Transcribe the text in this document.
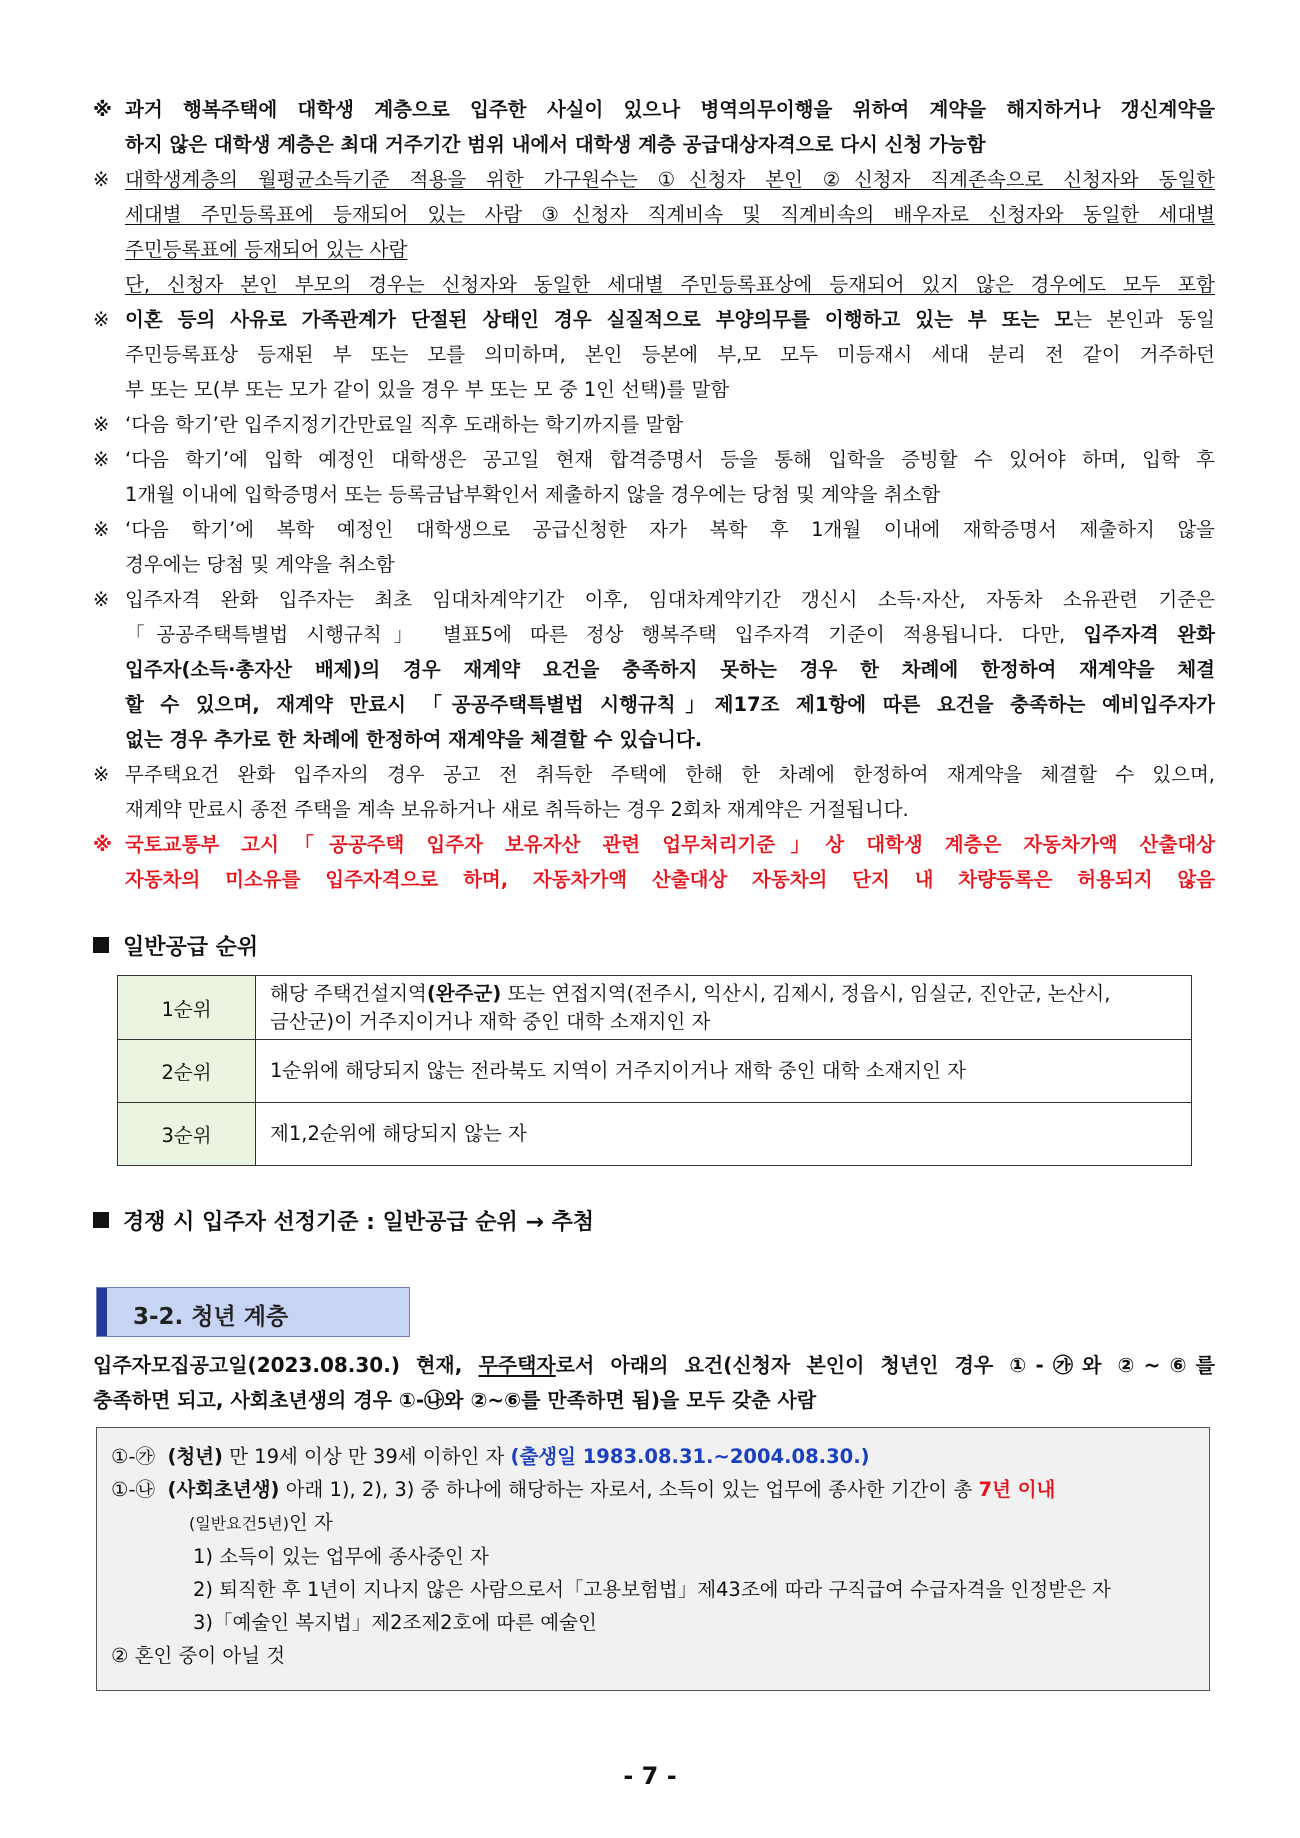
※ 과거 행복주택에 대학생 계층으로 입주한 사실이 있으나 병역의무이행을 위하여 계약을 해지하거나 갱신계약을
하지 않은 대학생 계층은 최대 거주기간 범위 내에서 대학생 계층 공급대상자격으로 다시 신청 가능함
※ 대학생계층의 월평균소득기준 적용을 위한 가구원수는 ①신청자 본인 ②신청자 직계존속으로 신청자와 동일한
세대별 주민등록표에 등재되어 있는 사람 ③신청자 직계비속 및 직계비속의 배우자로 신청자와 동일한 세대별
주민등록표에 등재되어 있는 사람
단, 신청자 본인 부모의 경우는 신청자와 동일한 세대별 주민등록표상에 등재되어 있지 않은 경우에도 모두 포함
※ 이혼 등의 사유로 가족관계가 단절된 상태인 경우 실질적으로 부양의무를 이행하고 있는 부 또는 모는 본인과 동일
주민등록표상 등재된 부 또는 모를 의미하며, 본인 등본에 부,모 모두 미등재시 세대 분리 전 같이 거주하던
부 또는 모(부 또는 모가 같이 있을 경우 부 또는 모 중 1인 선택)를 말함
※ ‘다음 학기’란 입주지정기간만료일 직후 도래하는 학기까지를 말함
※ ‘다음 학기’에 입학 예정인 대학생은 공고일 현재 합격증명서 등을 통해 입학을 증빙할 수 있어야 하며, 입학 후
1개월 이내에 입학증명서 또는 등록금납부확인서 제출하지 않을 경우에는 당첨 및 계약을 취소함
※ ‘다음 학기’에 복학 예정인 대학생으로 공급신청한 자가 복학 후 1개월 이내에 재학증명서 제출하지 않을
경우에는 당첨 및 계약을 취소함
※ 입주자격 완화 입주자는 최초 임대차계약기간 이후, 임대차계약기간 갱신시 소득·자산, 자동차 소유관련 기준은
「공공주택특별법 시행규칙」 별표5에 따른 정상 행복주택 입주자격 기준이 적용됩니다. 다만, 입주자격 완화
입주자(소득·총자산 배제)의 경우 재계약 요건을 충족하지 못하는 경우 한 차례에 한정하여 재계약을 체결
할 수 있으며, 재계약 만료시 「공공주택특별법 시행규칙」제17조 제1항에 따른 요건을 충족하는 예비입주자가
없는 경우 추가로 한 차례에 한정하여 재계약을 체결할 수 있습니다.
※ 무주택요건 완화 입주자의 경우 공고 전 취득한 주택에 한해 한 차례에 한정하여 재계약을 체결할 수 있으며,
재계약 만료시 종전 주택을 계속 보유하거나 새로 취득하는 경우 2회차 재계약은 거절됩니다.
※ 국토교통부 고시「공공주택 입주자 보유자산 관련 업무처리기준」상 대학생 계층은 자동차가액 산출대상
자동차의 미소유를 입주자격으로 하며, 자동차가액 산출대상 자동차의 단지 내 차량등록은 허용되지 않음
일반공급 순위
1순위	해당 주택건설지역(완주군) 또는 연접지역(전주시, 익산시, 김제시, 정읍시, 임실군, 진안군, 논산시,
금산군)이 거주지이거나 재학 중인 대학 소재지인 자
2순위	1순위에 해당되지 않는 전라북도 지역이 거주지이거나 재학 중인 대학 소재지인 자
3순위	제1,2순위에 해당되지 않는 자
경쟁 시 입주자 선정기준 : 일반공급 순위 → 추첨
3-2. 청년 계층
입주자모집공고일(2023.08.30.) 현재, 무주택자로서 아래의 요건(신청자 본인이 청년인 경우 ①-㉮와 ②~⑥를
충족하면 되고, 사회초년생의 경우 ①-㉯와 ②~⑥를 만족하면 됨)을 모두 갖춘 사람
①-㉮ (청년) 만 19세 이상 만 39세 이하인 자 (출생일 1983.08.31.~2004.08.30.)
①-㉯ (사회초년생) 아래 1), 2), 3) 중 하나에 해당하는 자로서, 소득이 있는 업무에 종사한 기간이 총 7년 이내
(일반요건5년)인 자
1) 소득이 있는 업무에 종사중인 자
2) 퇴직한 후 1년이 지나지 않은 사람으로서「고용보험법」제43조에 따라 구직급여 수급자격을 인정받은 자
3)「예술인 복지법」제2조제2호에 따른 예술인
② 혼인 중이 아닐 것
- 7 -
